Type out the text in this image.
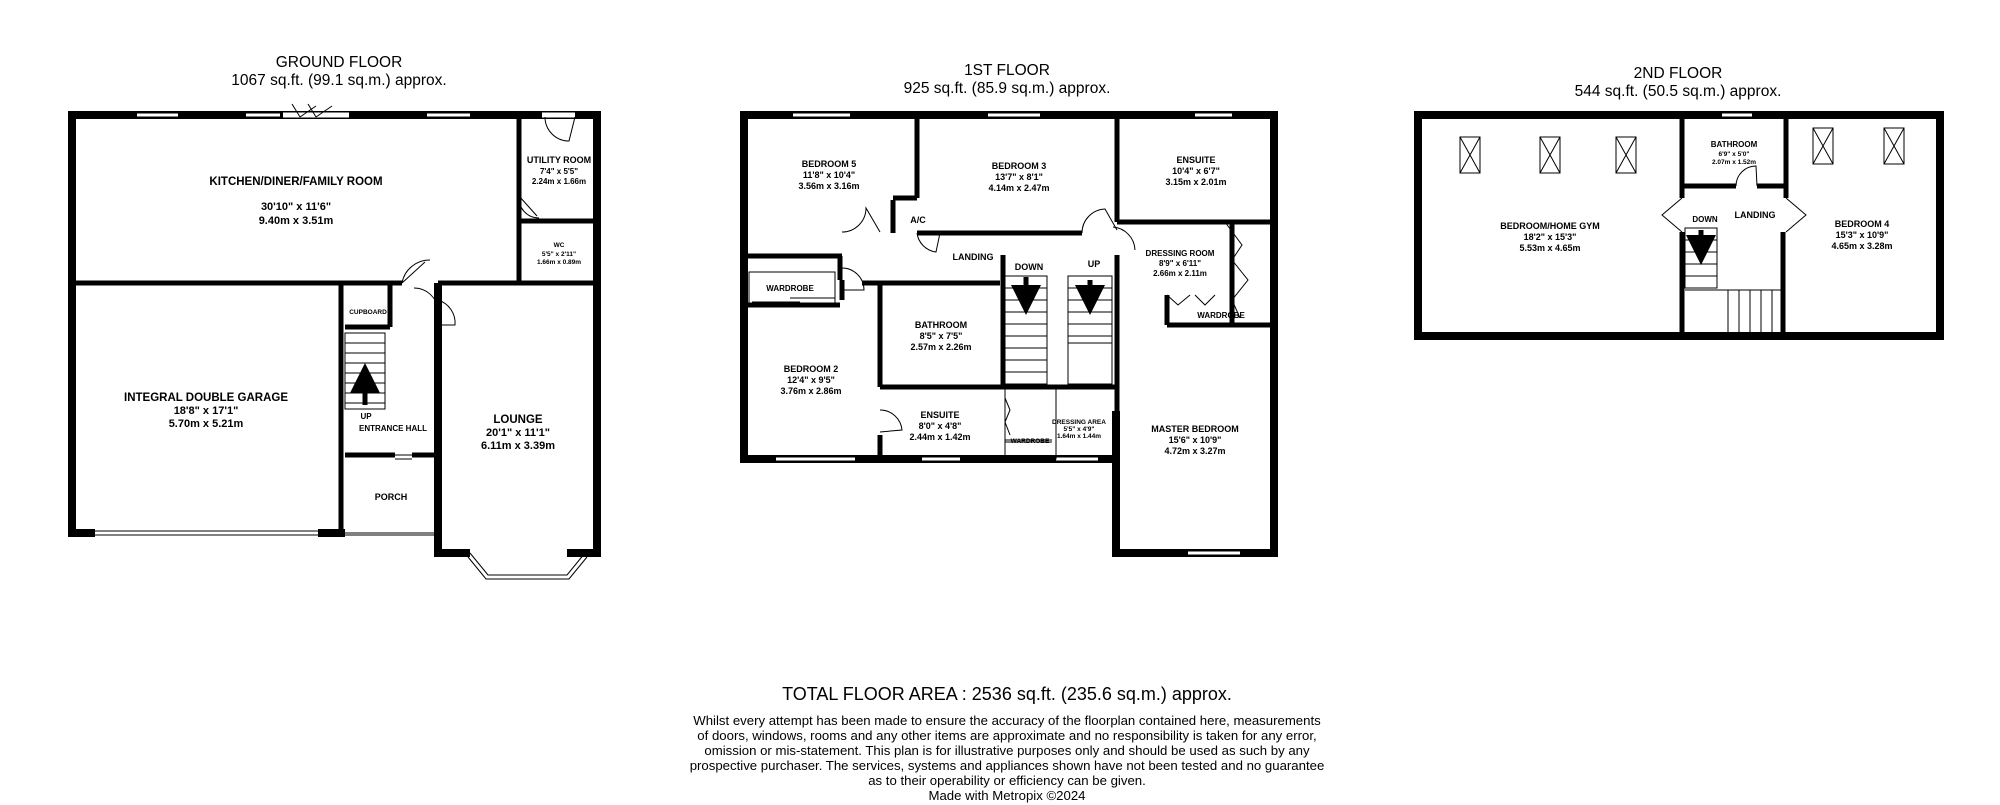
GROUND FLOOR
1067 sq.ft. (99.1 sq.m.) approx.
KITCHEN/DINER/FAMILY ROOM
30'10" x 11'6"
9.40m x 3.51m
UTILITY ROOM
7'4" x 5'5"
2.24m x 1.66m
WC
5'5" x 2'11"
1.66m x 0.89m
INTEGRAL DOUBLE GARAGE
18'8" x 17'1"
5.70m x 5.21m
CUPBOARD
UP
ENTRANCE HALL
PORCH
LOUNGE
20'1" x 11'1"
6.11m x 3.39m
1ST FLOOR
925 sq.ft. (85.9 sq.m.) approx.
BEDROOM 5
11'8" x 10'4"
3.56m x 3.16m
BEDROOM 3
13'7" x 8'1"
4.14m x 2.47m
ENSUITE
10'4" x 6'7"
3.15m x 2.01m
A/C
LANDING
DOWN	UP
DRESSING ROOM
8'9" x 6'11"
2.66m x 2.11m
WARDROBE
WARDROBE
BATHROOM
8'5" x 7'5"
2.57m x 2.26m
BEDROOM 2
12'4" x 9'5"
3.76m x 2.86m
ENSUITE
8'0" x 4'8"
2.44m x 1.42m
DRESSING AREA
5'5" x 4'9"
1.64m x 1.44m
WARDROBE
MASTER BEDROOM
15'6" x 10'9"
4.72m x 3.27m
2ND FLOOR
544 sq.ft. (50.5 sq.m.) approx.
BEDROOM/HOME GYM
18'2" x 15'3"
5.53m x 4.65m
BATHROOM
6'9" x 5'0"
2.07m x 1.52m
DOWN LANDING
BEDROOM 4
15'3" x 10'9"
4.65m x 3.28m
TOTAL FLOOR AREA : 2536 sq.ft. (235.6 sq.m.) approx.
Whilst every attempt has been made to ensure the accuracy of the floorplan contained here, measurements
of doors, windows, rooms and any other items are approximate and no responsibility is taken for any error,
omission or mis-statement. This plan is for illustrative purposes only and should be used as such by any
prospective purchaser. The services, systems and appliances shown have not been tested and no guarantee
as to their operability or efficiency can be given.
Made with Metropix ©2024
